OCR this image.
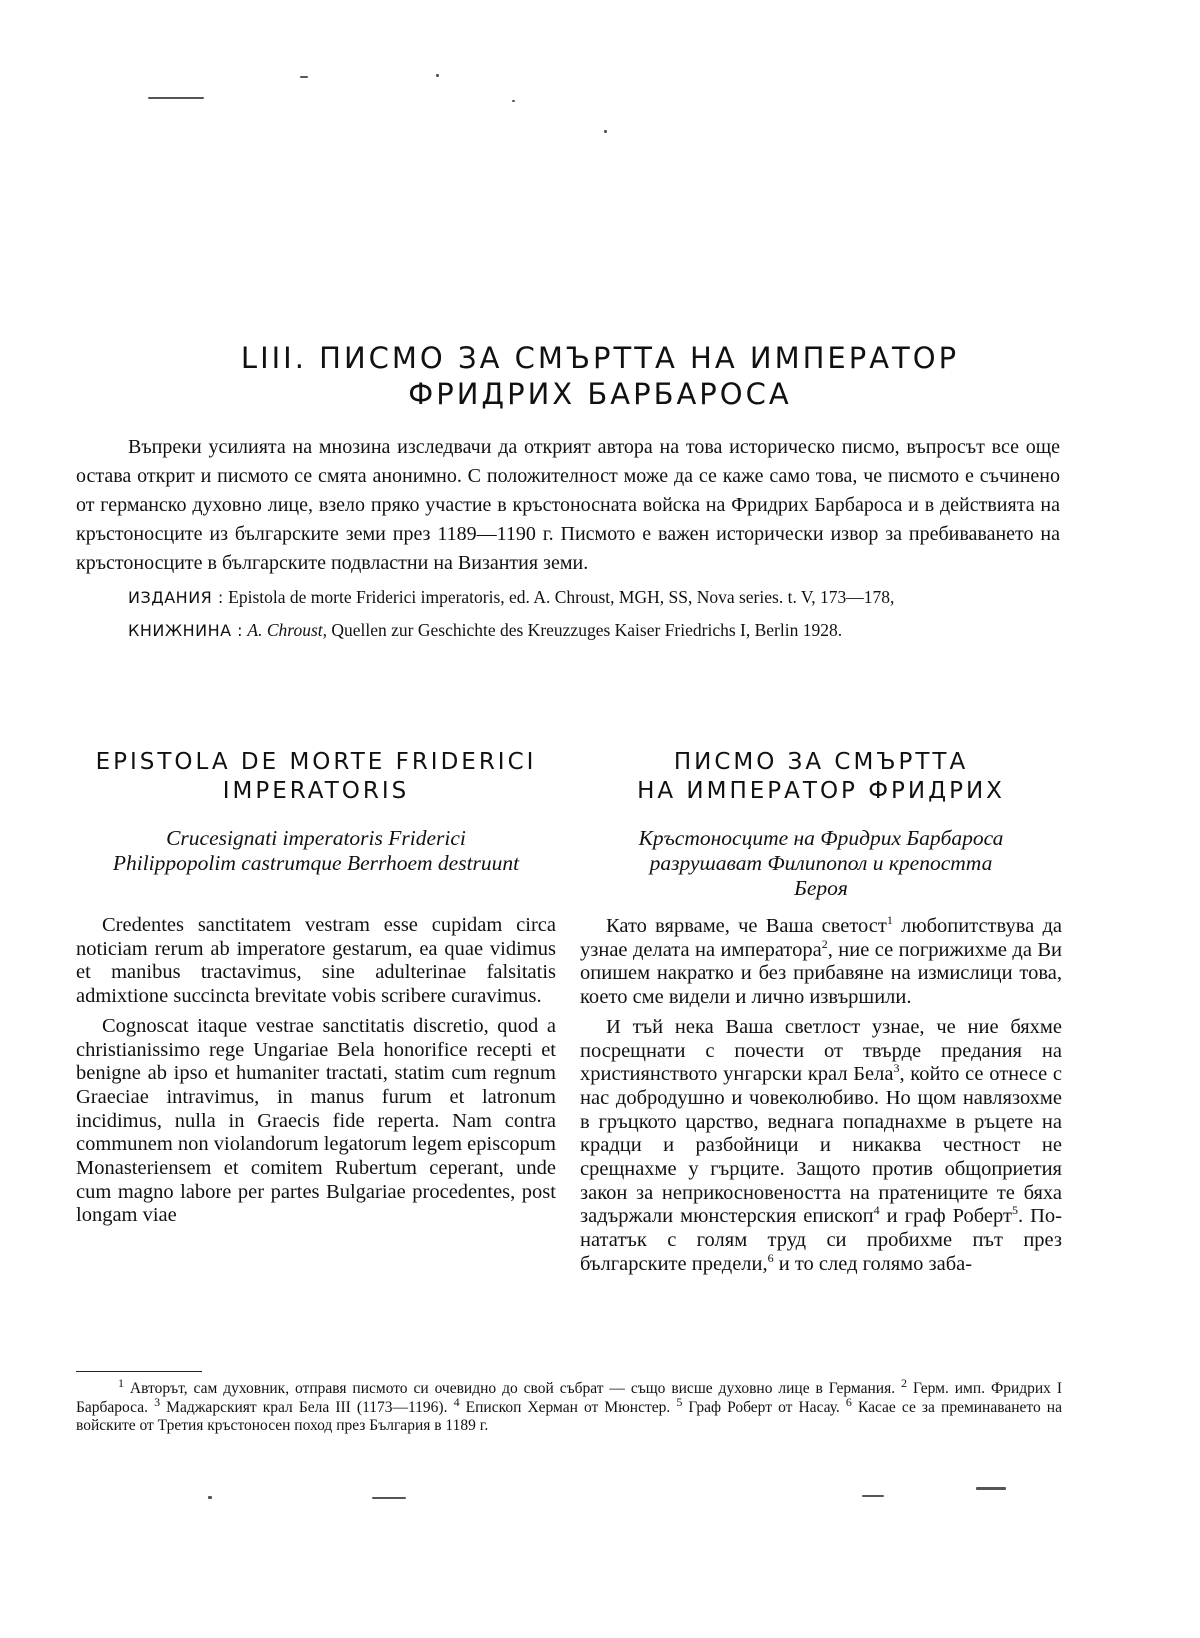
LIII. ПИСМО ЗА СМЪРТТА НА ИМПЕРАТОР
ФРИДРИХ БАРБАРОСА

Въпреки усилията на мнозина изследвачи да открият автора на това историческо писмо, въпросът все още остава открит и писмото се смята анонимно. С положителност може да се каже само това, че писмото е съчинено от германско духовно лице, взело пряко участие в кръстоносната войска на Фридрих Барбароса и в действията на кръстоносците из българските земи през 1189—1190 г. Писмото е важен исторически извор за пребиваването на кръстоносците в българските подвластни на Византия земи.

ИЗДАНИЯ : Epistola de morte Friderici imperatoris, ed. A. Chroust, MGH, SS, Nova series. t. V, 173—178,

КНИЖНИНА : A. Chroust, Quellen zur Geschichte des Kreuzzuges Kaiser Friedrichs I, Berlin 1928.

EPISTOLA DE MORTE FRIDERICI
IMPERATORIS
Crucesignati imperatoris Friderici
Philippopolim castrumque Berrhoem destruunt

Credentes sanctitatem vestram esse cupidam circa noticiam rerum ab imperatore gestarum, ea quae vidimus et manibus tractavimus, sine adulterinae falsitatis admixtione succincta brevitate vobis scribere curavimus.

Cognoscat itaque vestrae sanctitatis discretio, quod a christianissimo rege Ungariae Bela honorifice recepti et benigne ab ipso et humaniter tractati, statim cum regnum Graeciae intravimus, in manus furum et latronum incidimus, nulla in Graecis fide reperta. Nam contra communem non violandorum legatorum legem episcopum Monasteriensem et comitem Rubertum ceperant, unde cum magno labore per partes Bulgariae procedentes, post longam viae

ПИСМО ЗА СМЪРТТА
НА ИМПЕРАТОР ФРИДРИХ
Кръстоносците на Фридрих Барбароса
разрушават Филипопол и крепостта
Берoя

Като вярваме, че Ваша светост$^1$ любопитствува да узнае делата на императора$^2$, ние се погрижихме да Ви опишем накратко и без прибавяне на измислици това, което сме видели и лично извършили.

И тъй нека Ваша светлост узнае, че ние бяхме посрещнати с почести от твърде предания на християнството унгарски крал Бела$^3$, който се отнесе с нас добродушно и човеколюбиво. Но щом навлязохме в гръцкото царство, веднага попаднахме в ръцете на крадци и разбойници и никаква честност не срещнахме у гърците. Защото против общоприетия закон за неприкосновеността на пратениците те бяха задържали мюнстерския епископ$^4$ и граф Роберт$^5$. По-нататък с голям труд си пробихме път през българските предели,$^6$ и то след голямо заба-

$^1$ Авторът, сам духовник, отправя писмото си очевидно до свой събрат — също висше духовно лице в Германия. $^2$ Герм. имп. Фридрих I Барбароса. $^3$ Маджарският крал Бела III (1173—1196). $^4$ Епископ Херман от Мюнстер. $^5$ Граф Роберт от Насау. $^6$ Касае се за преминаването на войските от Третия кръстоносен поход през България в 1189 г.
